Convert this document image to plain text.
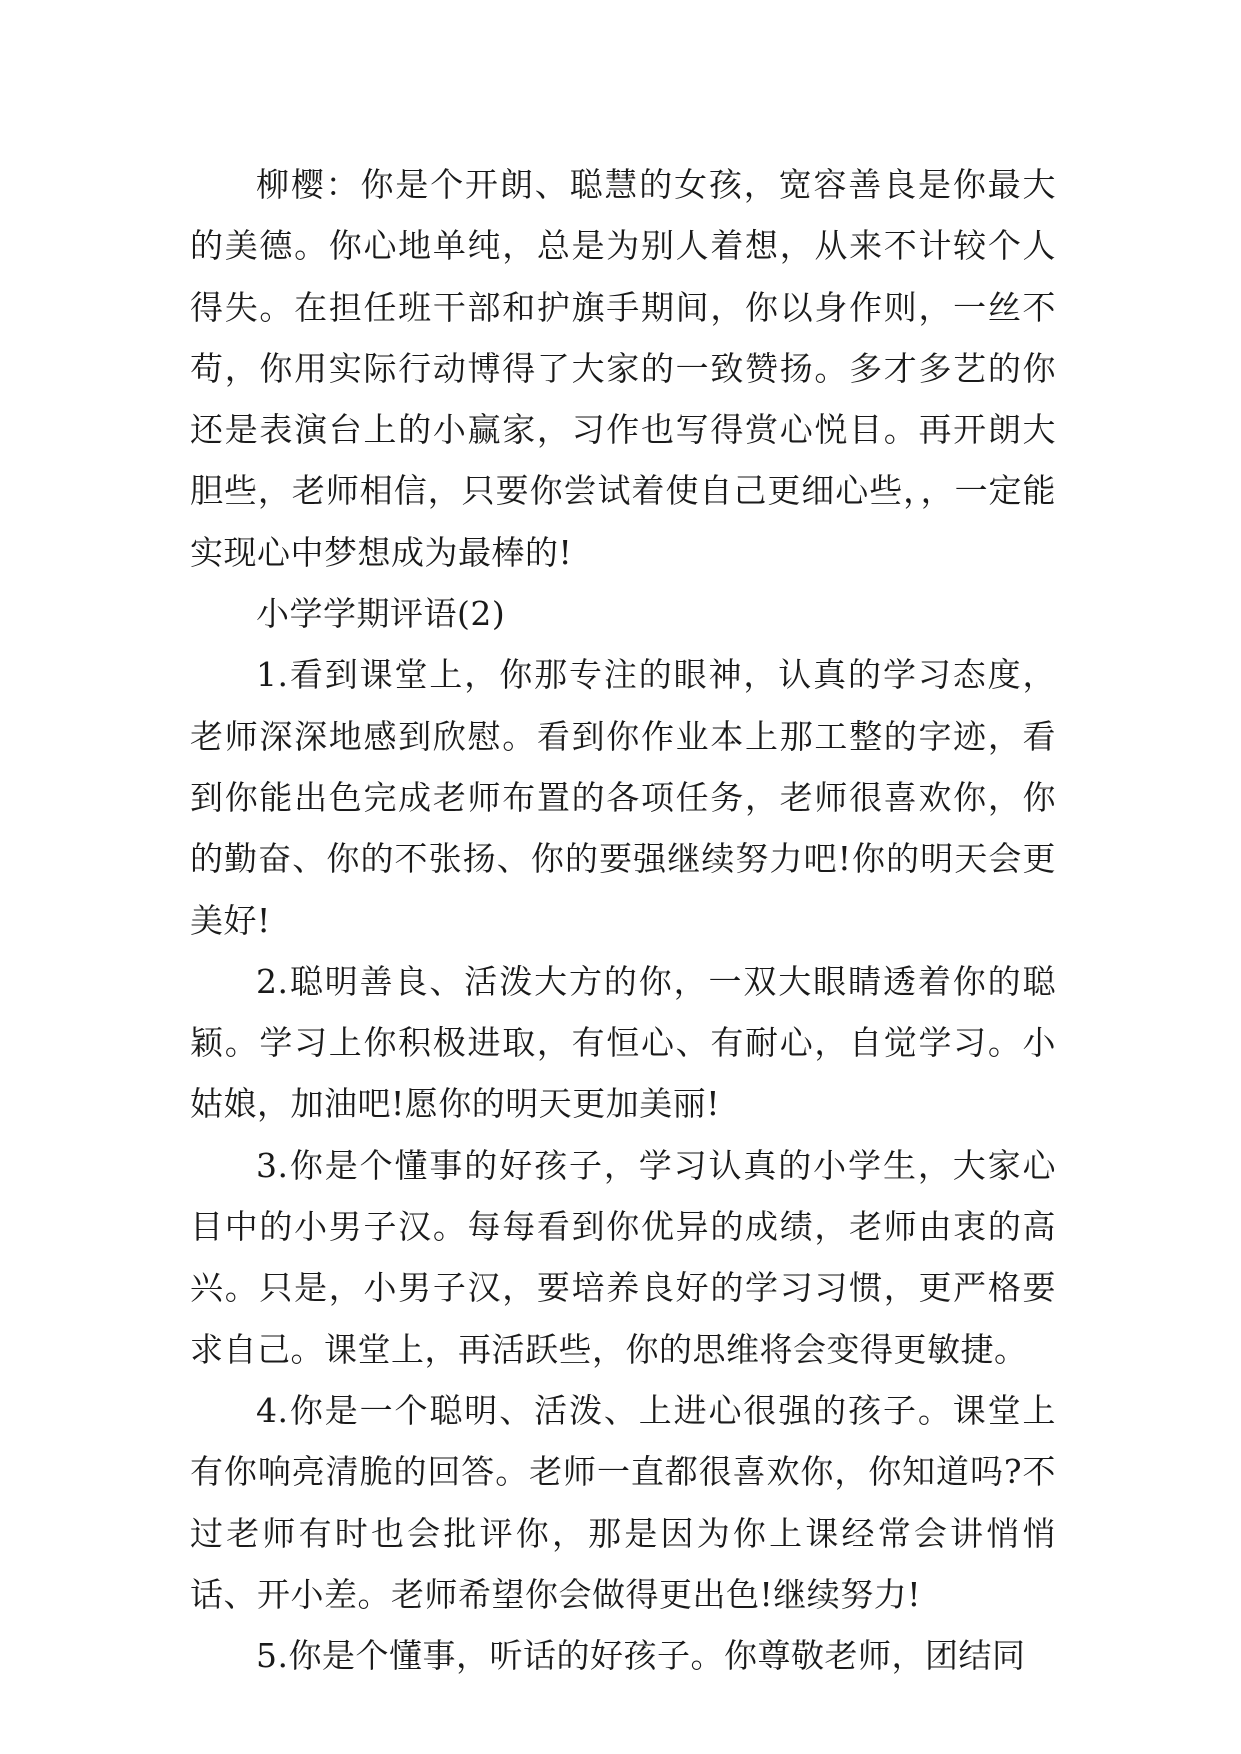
柳樱：你是个开朗、聪慧的女孩，宽容善良是你最大的美德。你心地单纯，总是为别人着想，从来不计较个人得失。在担任班干部和护旗手期间，你以身作则，一丝不苟，你用实际行动博得了大家的一致赞扬。多才多艺的你还是表演台上的小赢家，习作也写得赏心悦目。再开朗大胆些，老师相信，只要你尝试着使自己更细心些，，一定能实现心中梦想成为最棒的!

小学学期评语(2)

1.看到课堂上，你那专注的眼神，认真的学习态度，老师深深地感到欣慰。看到你作业本上那工整的字迹，看到你能出色完成老师布置的各项任务，老师很喜欢你，你的勤奋、你的不张扬、你的要强继续努力吧!你的明天会更美好!

2.聪明善良、活泼大方的你，一双大眼睛透着你的聪颖。学习上你积极进取，有恒心、有耐心，自觉学习。小姑娘，加油吧!愿你的明天更加美丽!

3.你是个懂事的好孩子，学习认真的小学生，大家心目中的小男子汉。每每看到你优异的成绩，老师由衷的高兴。只是，小男子汉，要培养良好的学习习惯，更严格要求自己。课堂上，再活跃些，你的思维将会变得更敏捷。

4.你是一个聪明、活泼、上进心很强的孩子。课堂上有你响亮清脆的回答。老师一直都很喜欢你，你知道吗?不过老师有时也会批评你，那是因为你上课经常会讲悄悄话、开小差。老师希望你会做得更出色!继续努力!

5.你是个懂事，听话的好孩子。你尊敬老师，团结同
